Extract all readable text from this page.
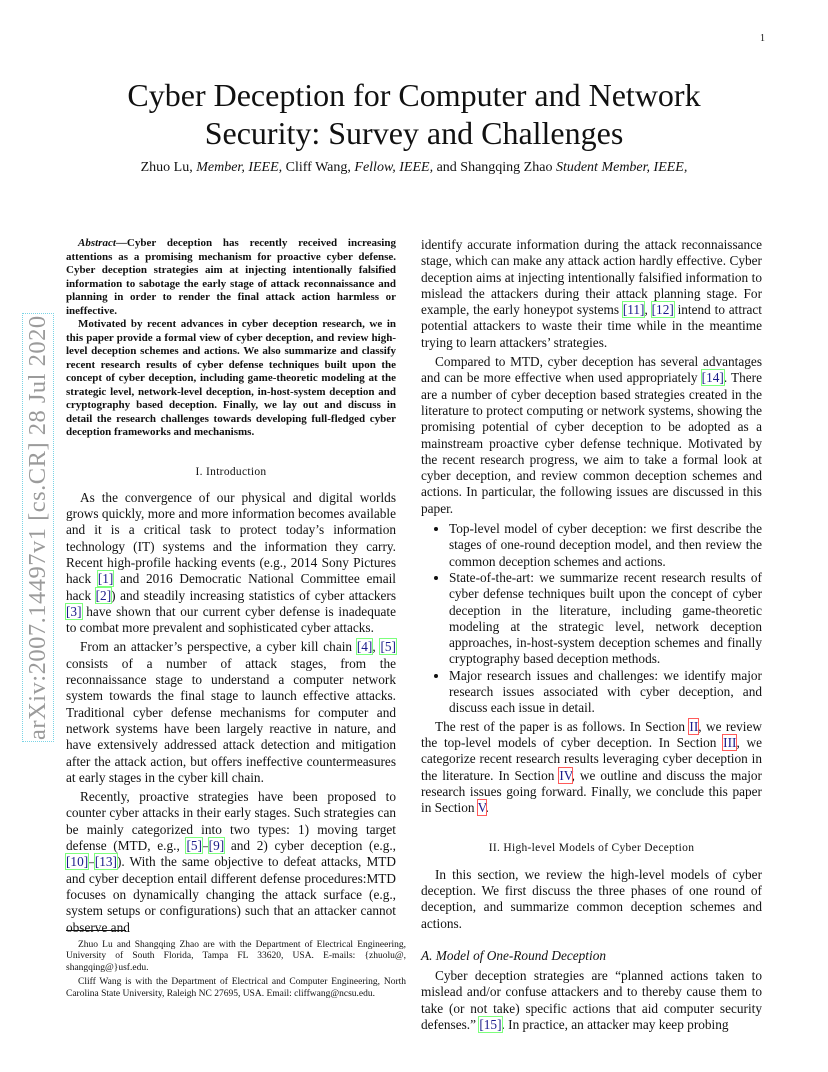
1
arXiv:2007.14497v1 [cs.CR] 28 Jul 2020
Cyber Deception for Computer and Network
Security: Survey and Challenges
Zhuo Lu, Member, IEEE, Cliff Wang, Fellow, IEEE, and Shangqing Zhao Student Member, IEEE,

Abstract—Cyber deception has recently received increasing attentions as a promising mechanism for proactive cyber defense. Cyber deception strategies aim at injecting intentionally falsified information to sabotage the early stage of attack reconnaissance and planning in order to render the final attack action harmless or ineffective.

Motivated by recent advances in cyber deception research, we in this paper provide a formal view of cyber deception, and review high-level deception schemes and actions. We also summarize and classify recent research results of cyber defense techniques built upon the concept of cyber deception, including game-theoretic modeling at the strategic level, network-level deception, in-host-system deception and cryptography based deception. Finally, we lay out and discuss in detail the research challenges towards developing full-fledged cyber deception frameworks and mechanisms.

I. Introduction

As the convergence of our physical and digital worlds grows quickly, more and more information becomes available and it is a critical task to protect today’s information technology (IT) systems and the information they carry. Recent high-profile hacking events (e.g., 2014 Sony Pictures hack [1] and 2016 Democratic National Committee email hack [2]) and steadily increasing statistics of cyber attackers [3] have shown that our current cyber defense is inadequate to combat more prevalent and sophisticated cyber attacks.

From an attacker’s perspective, a cyber kill chain [4], [5] consists of a number of attack stages, from the reconnaissance stage to understand a computer network system towards the final stage to launch effective attacks. Traditional cyber defense mechanisms for computer and network systems have been largely reactive in nature, and have extensively addressed attack detection and mitigation after the attack action, but offers ineffective countermeasures at early stages in the cyber kill chain.

Recently, proactive strategies have been proposed to counter cyber attacks in their early stages. Such strategies can be mainly categorized into two types: 1) moving target defense (MTD, e.g., [5]–[9] and 2) cyber deception (e.g., [10]–[13]). With the same objective to defeat attacks, MTD and cyber deception entail different defense procedures:MTD focuses on dynamically changing the attack surface (e.g., system setups or configurations) such that an attacker cannot observe and

Zhuo Lu and Shangqing Zhao are with the Department of Electrical Engineering, University of South Florida, Tampa FL 33620, USA. E-mails: {zhuolu@, shangqing@}usf.edu.

Cliff Wang is with the Department of Electrical and Computer Engineering, North Carolina State University, Raleigh NC 27695, USA. Email: cliffwang@ncsu.edu.

identify accurate information during the attack reconnaissance stage, which can make any attack action hardly effective. Cyber deception aims at injecting intentionally falsified information to mislead the attackers during their attack planning stage. For example, the early honeypot systems [11], [12] intend to attract potential attackers to waste their time while in the meantime trying to learn attackers’ strategies.

Compared to MTD, cyber deception has several advantages and can be more effective when used appropriately [14]. There are a number of cyber deception based strategies created in the literature to protect computing or network systems, showing the promising potential of cyber deception to be adopted as a mainstream proactive cyber defense technique. Motivated by the recent research progress, we aim to take a formal look at cyber deception, and review common deception schemes and actions. In particular, the following issues are discussed in this paper.

• Top-level model of cyber deception: we first describe the stages of one-round deception model, and then review the common deception schemes and actions.
• State-of-the-art: we summarize recent research results of cyber defense techniques built upon the concept of cyber deception in the literature, including game-theoretic modeling at the strategic level, network deception approaches, in-host-system deception schemes and finally cryptography based deception methods.
• Major research issues and challenges: we identify major research issues associated with cyber deception, and discuss each issue in detail.

The rest of the paper is as follows. In Section II, we review the top-level models of cyber deception. In Section III, we categorize recent research results leveraging cyber deception in the literature. In Section IV, we outline and discuss the major research issues going forward. Finally, we conclude this paper in Section V.

II. High-level Models of Cyber Deception

In this section, we review the high-level models of cyber deception. We first discuss the three phases of one round of deception, and summarize common deception schemes and actions.

A. Model of One-Round Deception

Cyber deception strategies are “planned actions taken to mislead and/or confuse attackers and to thereby cause them to take (or not take) specific actions that aid computer security defenses.” [15]. In practice, an attacker may keep probing
